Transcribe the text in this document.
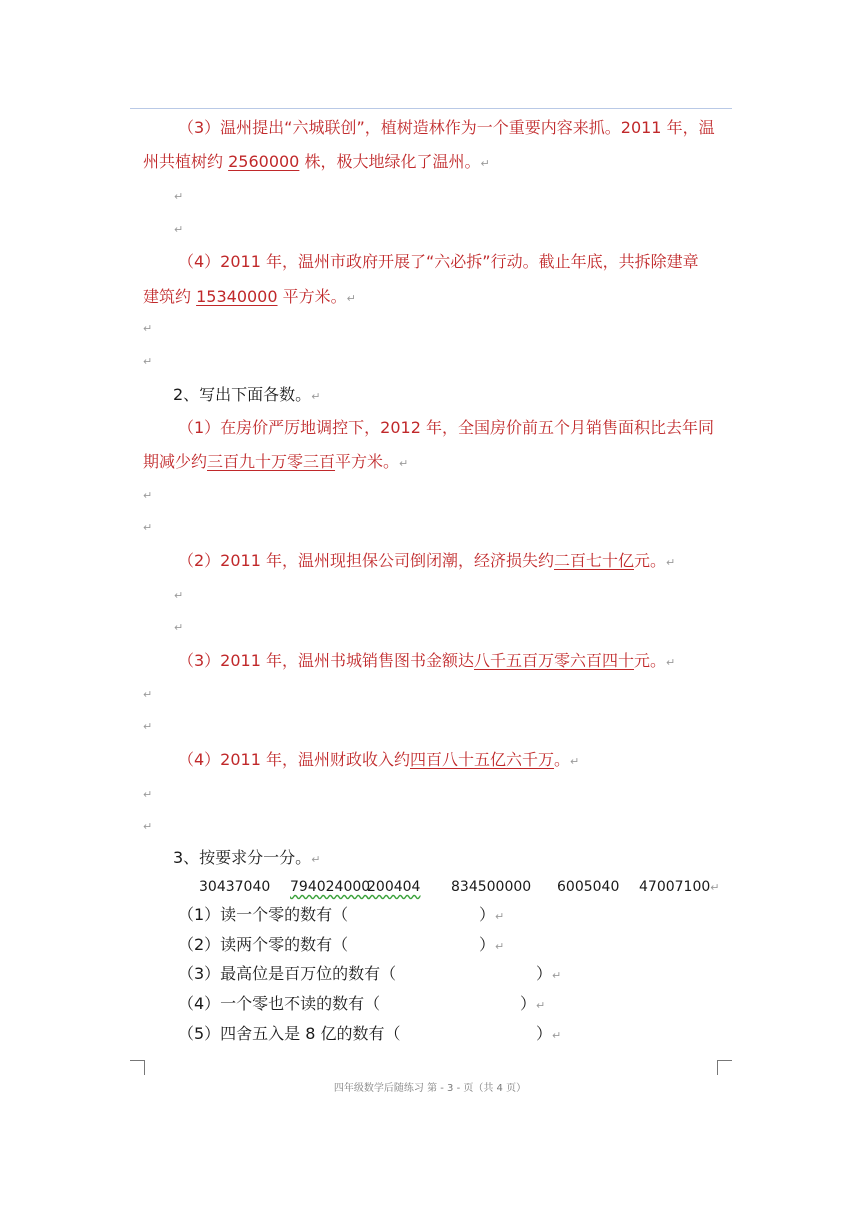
（3）温州提出“六城联创”，植树造林作为一个重要内容来抓。2011 年，温
州共植树约 2560000 株，极大地绿化了温州。 ↵
↵
↵
（4）2011 年，温州市政府开展了“六必拆”行动。截止年底，共拆除建章
建筑约 15340000 平方米。 ↵
↵
↵
2、写出下面各数。 ↵
（1）在房价严厉地调控下，2012 年，全国房价前五个月销售面积比去年同
期减少约三百九十万零三百平方米。 ↵
↵
↵
（2）2011 年，温州现担保公司倒闭潮，经济损失约二百七十亿元。 ↵
↵
↵
（3）2011 年，温州书城销售图书金额达八千五百万零六百四十元。 ↵
↵
↵
（4）2011 年，温州财政收入约四百八十五亿六千万。 ↵
↵
↵
3、按要求分一分。 ↵
30437040 794024000
200404 834500000 6005040 47007100 ↵
（1）读一个零的数有（	） ↵
（2）读两个零的数有（	） ↵
（3）最高位是百万位的数有（	） ↵
（4）一个零也不读的数有（	） ↵
（5）四舍五入是 8 亿的数有（	） ↵
四年级数学后随练习 第 - 3 - 页（共 4 页）
